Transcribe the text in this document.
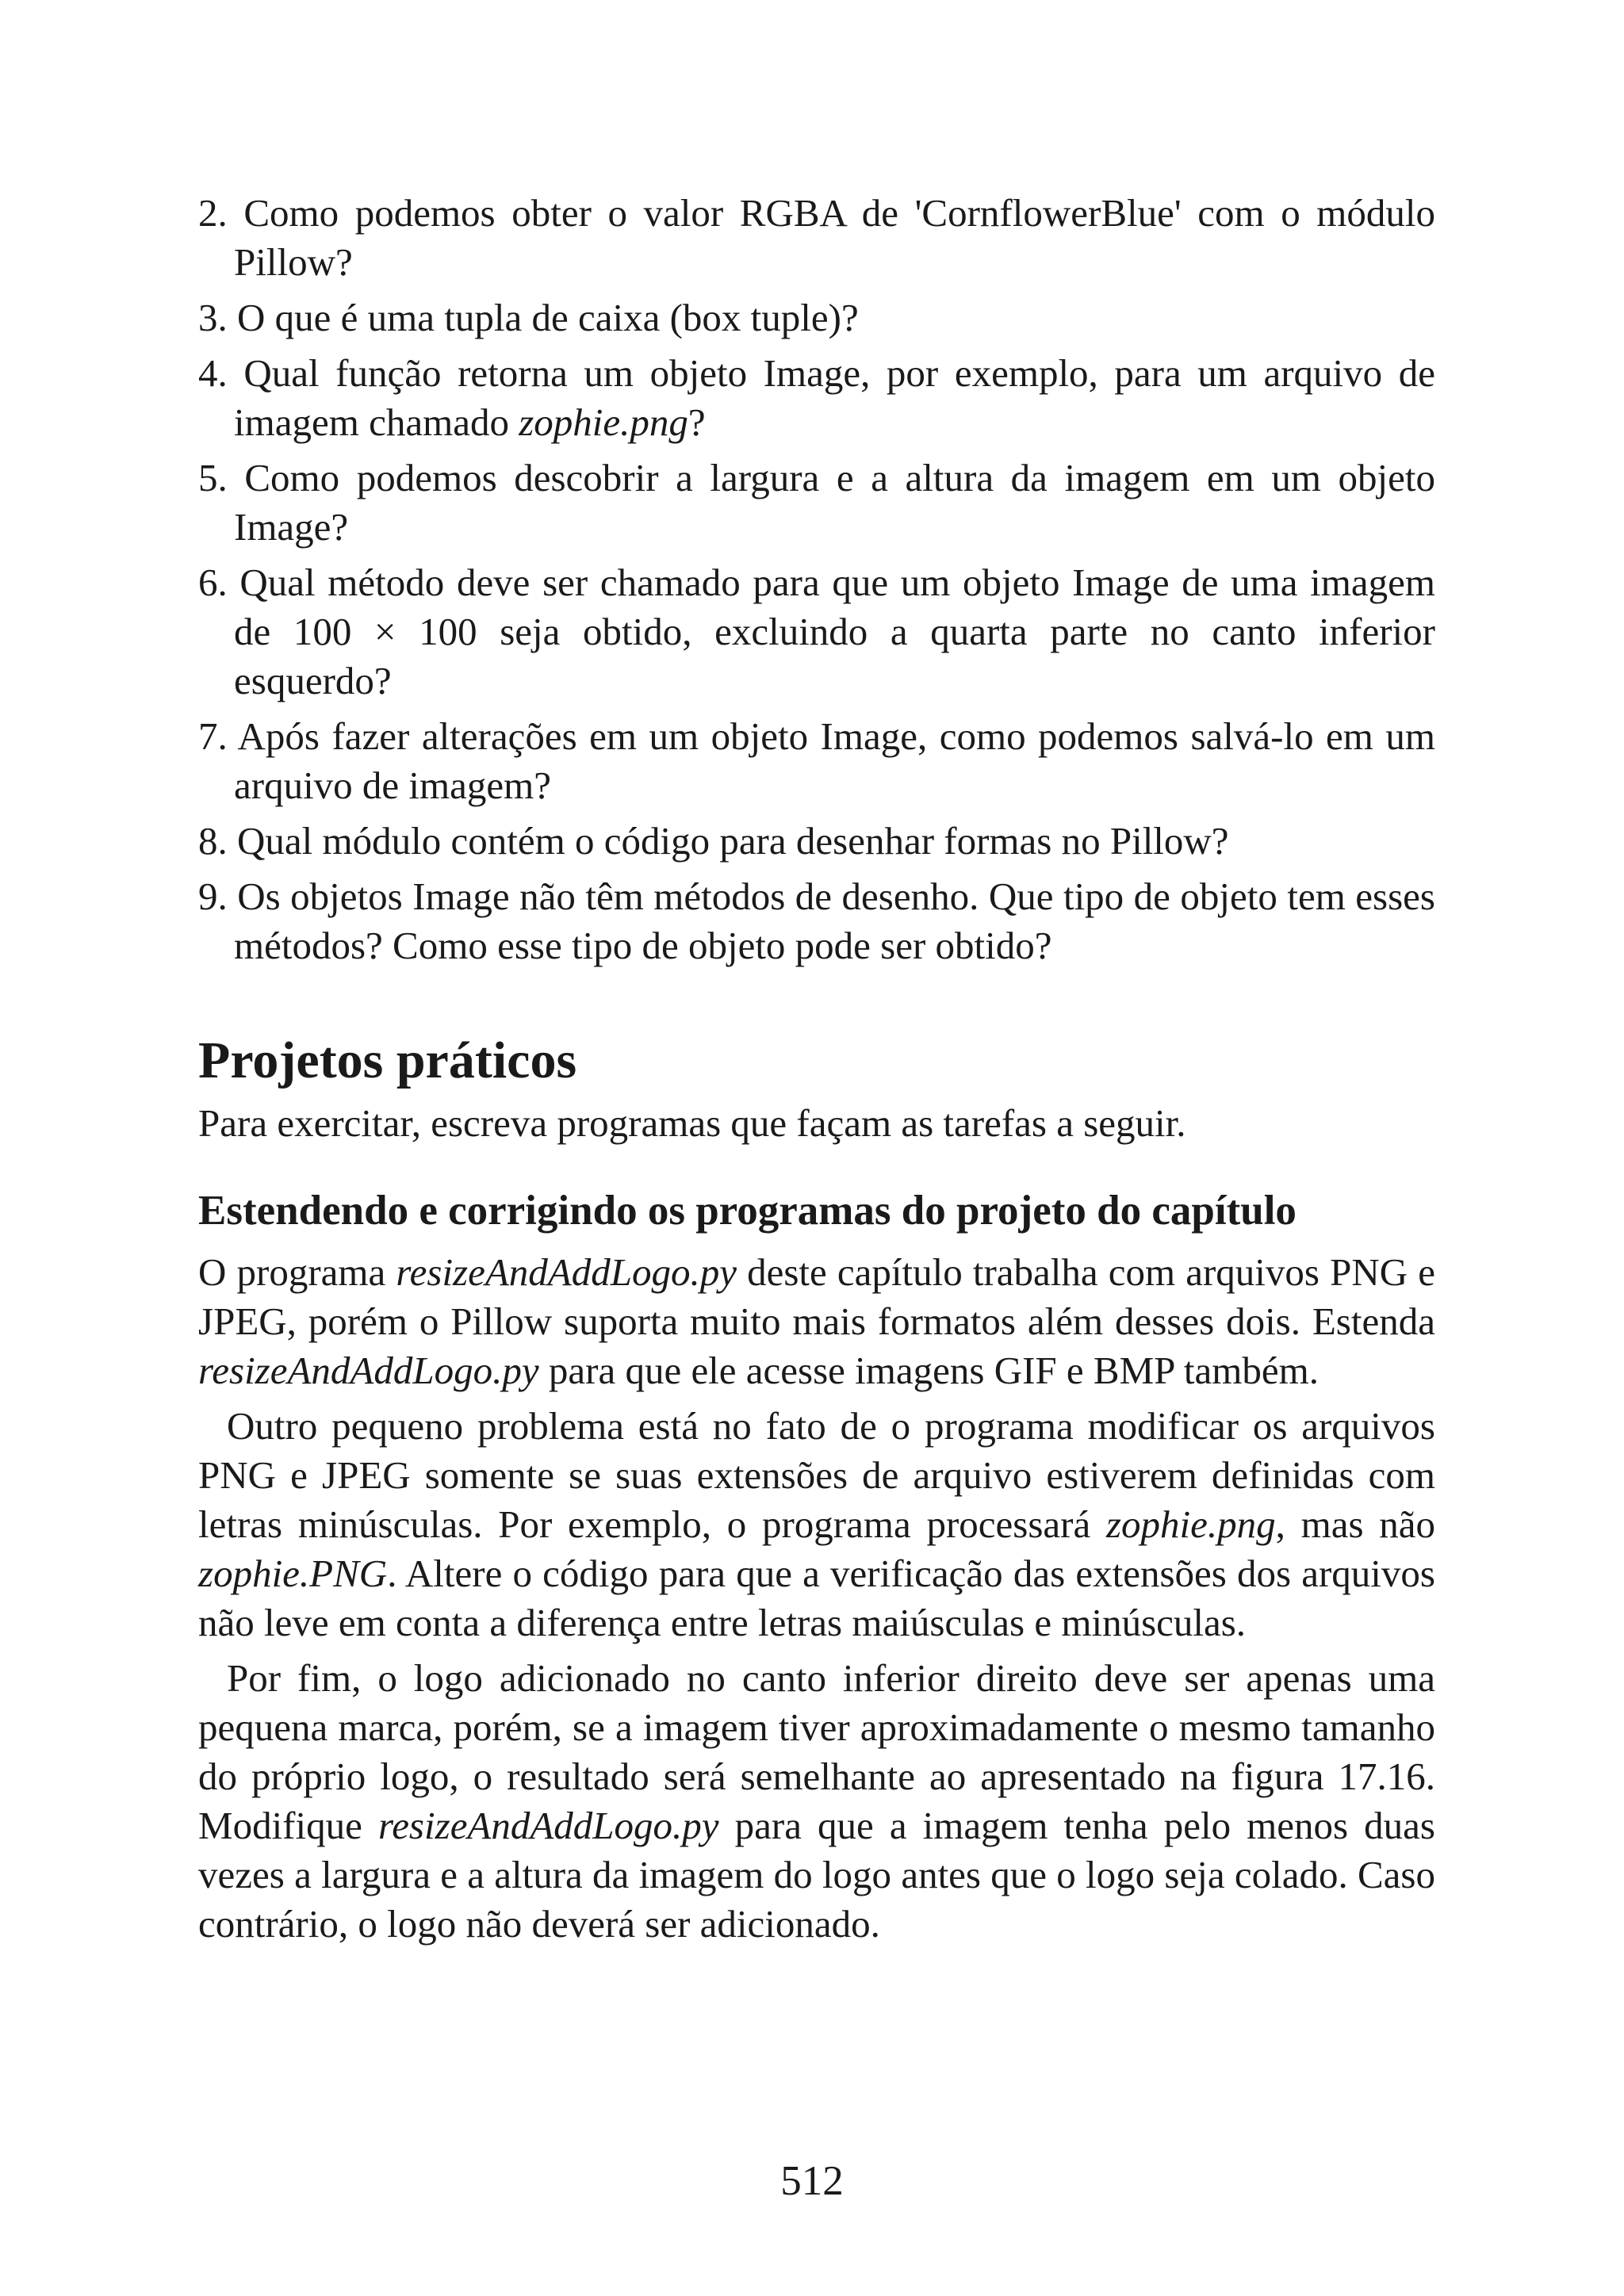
2. Como podemos obter o valor RGBA de 'CornflowerBlue' com o módulo Pillow?
3. O que é uma tupla de caixa (box tuple)?
4. Qual função retorna um objeto Image, por exemplo, para um arquivo de imagem chamado zophie.png?
5. Como podemos descobrir a largura e a altura da imagem em um objeto Image?
6. Qual método deve ser chamado para que um objeto Image de uma imagem de 100 × 100 seja obtido, excluindo a quarta parte no canto inferior esquerdo?
7. Após fazer alterações em um objeto Image, como podemos salvá-lo em um arquivo de imagem?
8. Qual módulo contém o código para desenhar formas no Pillow?
9. Os objetos Image não têm métodos de desenho. Que tipo de objeto tem esses métodos? Como esse tipo de objeto pode ser obtido?
Projetos práticos

Para exercitar, escreva programas que façam as tarefas a seguir.

Estendendo e corrigindo os programas do projeto do capítulo

O programa resizeAndAddLogo.py deste capítulo trabalha com arquivos PNG e JPEG, porém o Pillow suporta muito mais formatos além desses dois. Estenda resizeAndAddLogo.py para que ele acesse imagens GIF e BMP também.

Outro pequeno problema está no fato de o programa modificar os arquivos PNG e JPEG somente se suas extensões de arquivo estiverem definidas com letras minúsculas. Por exemplo, o programa processará zophie.png, mas não zophie.PNG. Altere o código para que a verificação das extensões dos arquivos não leve em conta a diferença entre letras maiúsculas e minúsculas.

Por fim, o logo adicionado no canto inferior direito deve ser apenas uma pequena marca, porém, se a imagem tiver aproximadamente o mesmo tamanho do próprio logo, o resultado será semelhante ao apresentado na figura 17.16. Modifique resizeAndAddLogo.py para que a imagem tenha pelo menos duas vezes a largura e a altura da imagem do logo antes que o logo seja colado. Caso contrário, o logo não deverá ser adicionado.

512
